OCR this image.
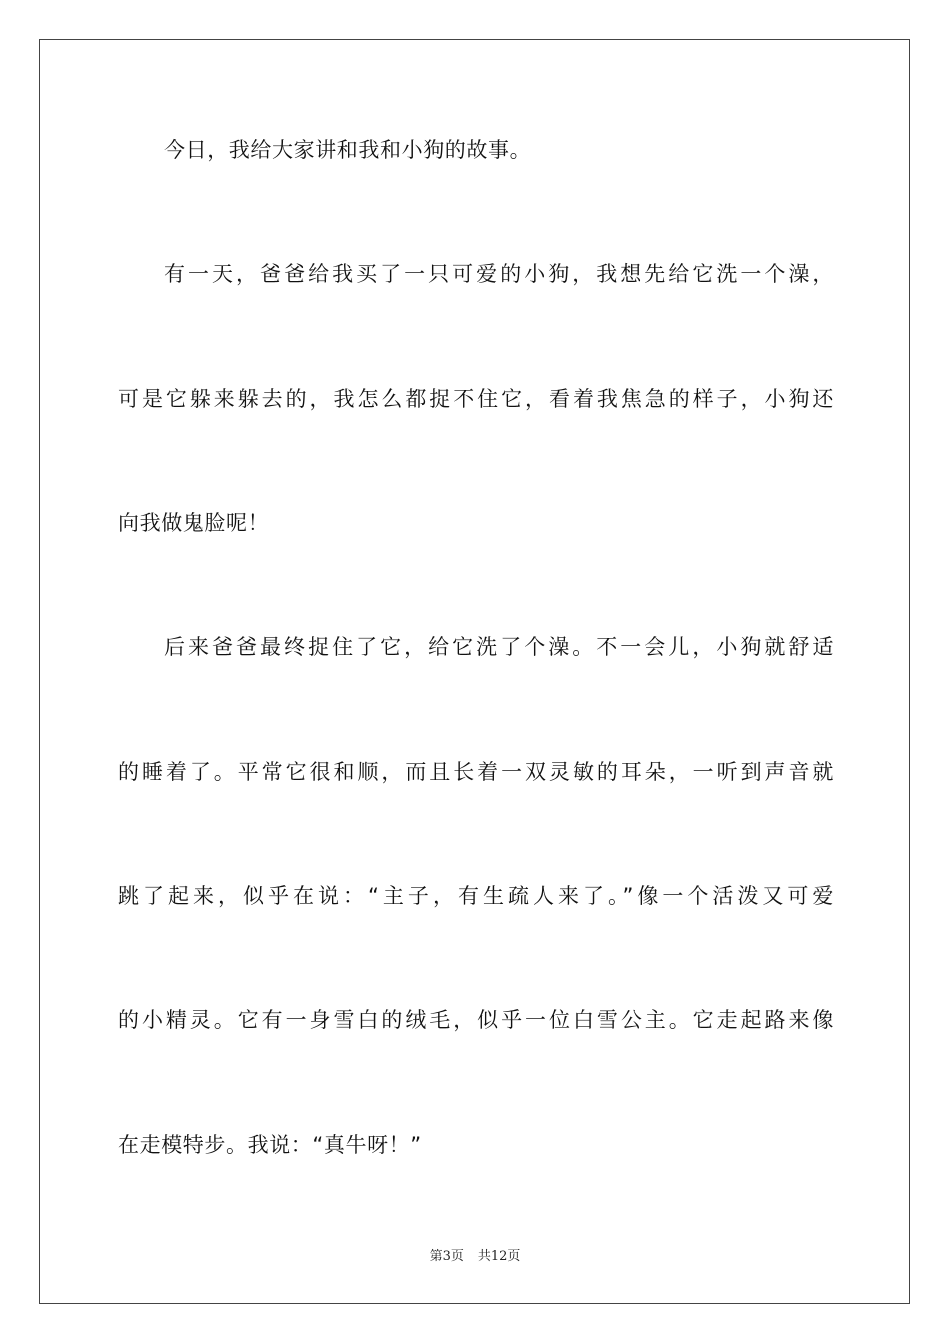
今日，我给大家讲和我和小狗的故事。
有一天，爸爸给我买了一只可爱的小狗，我想先给它洗一个澡，
可是它躲来躲去的，我怎么都捉不住它，看着我焦急的样子，小狗还
向我做鬼脸呢！
后来爸爸最终捉住了它，给它洗了个澡。不一会儿，小狗就舒适
的睡着了。平常它很和顺，而且长着一双灵敏的耳朵，一听到声音就
跳了起来，似乎在说：“主子，有生疏人来了。”像一个活泼又可爱
的小精灵。它有一身雪白的绒毛，似乎一位白雪公主。它走起路来像
在走模特步。我说：“真牛呀！”
第3页 共12页
